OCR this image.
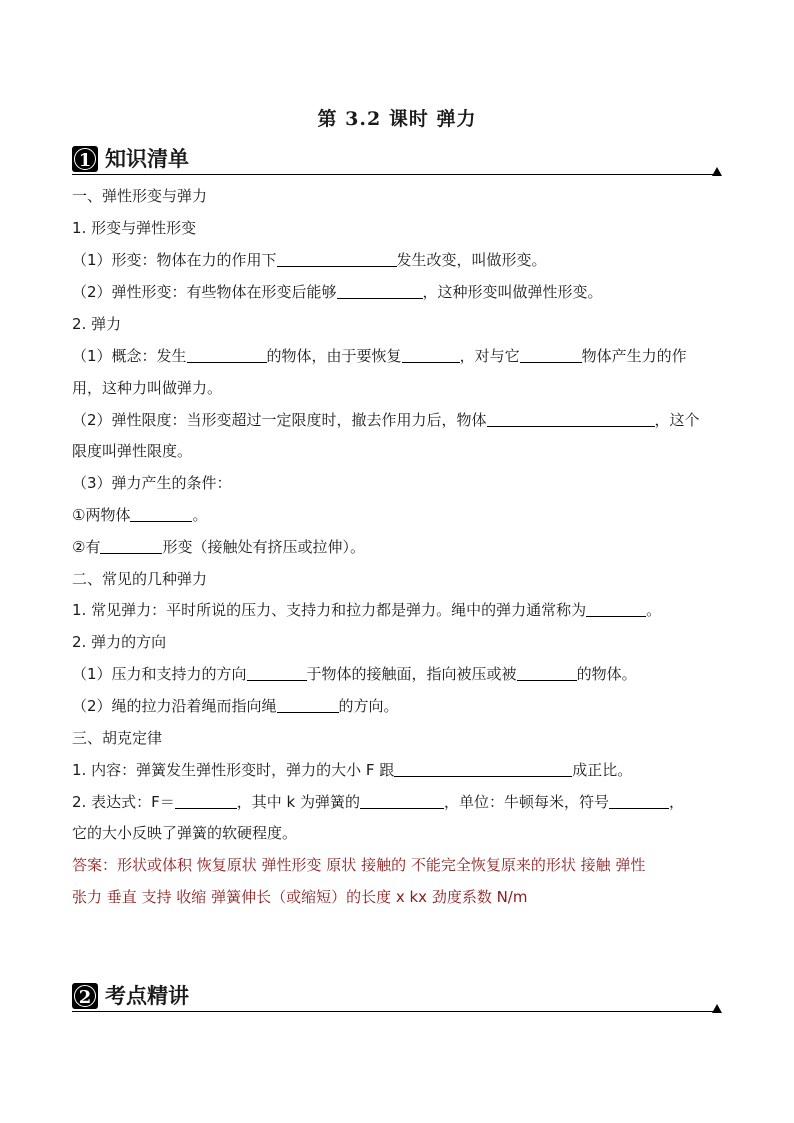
第 3.2 课时 弹力
1 知识清单
一、弹性形变与弹力
1. 形变与弹性形变
（1）形变：物体在力的作用下	发生改变，叫做形变。
（2）弹性形变：有些物体在形变后能够	，这种形变叫做弹性形变。
2. 弹力
（1）概念：发生	的物体，由于要恢复	，对与它	物体产生力的作
用，这种力叫做弹力。
（2）弹性限度：当形变超过一定限度时，撤去作用力后，物体	，这个
限度叫弹性限度。
（3）弹力产生的条件：
①两物体	。
②有	形变（接触处有挤压或拉伸）。
二、常见的几种弹力
1. 常见弹力：平时所说的压力、支持力和拉力都是弹力。绳中的弹力通常称为	。
2. 弹力的方向
（1）压力和支持力的方向	于物体的接触面，指向被压或被	的物体。
（2）绳的拉力沿着绳而指向绳	的方向。
三、胡克定律
1. 内容：弹簧发生弹性形变时，弹力的大小 F 跟	成正比。
2. 表达式：F＝	，其中 k 为弹簧的	，单位：牛顿每米，符号	，
它的大小反映了弹簧的软硬程度。
答案：形状或体积 恢复原状 弹性形变 原状 接触的 不能完全恢复原来的形状 接触 弹性
张力 垂直 支持 收缩 弹簧伸长（或缩短）的长度 x kx 劲度系数 N/m
2 考点精讲
